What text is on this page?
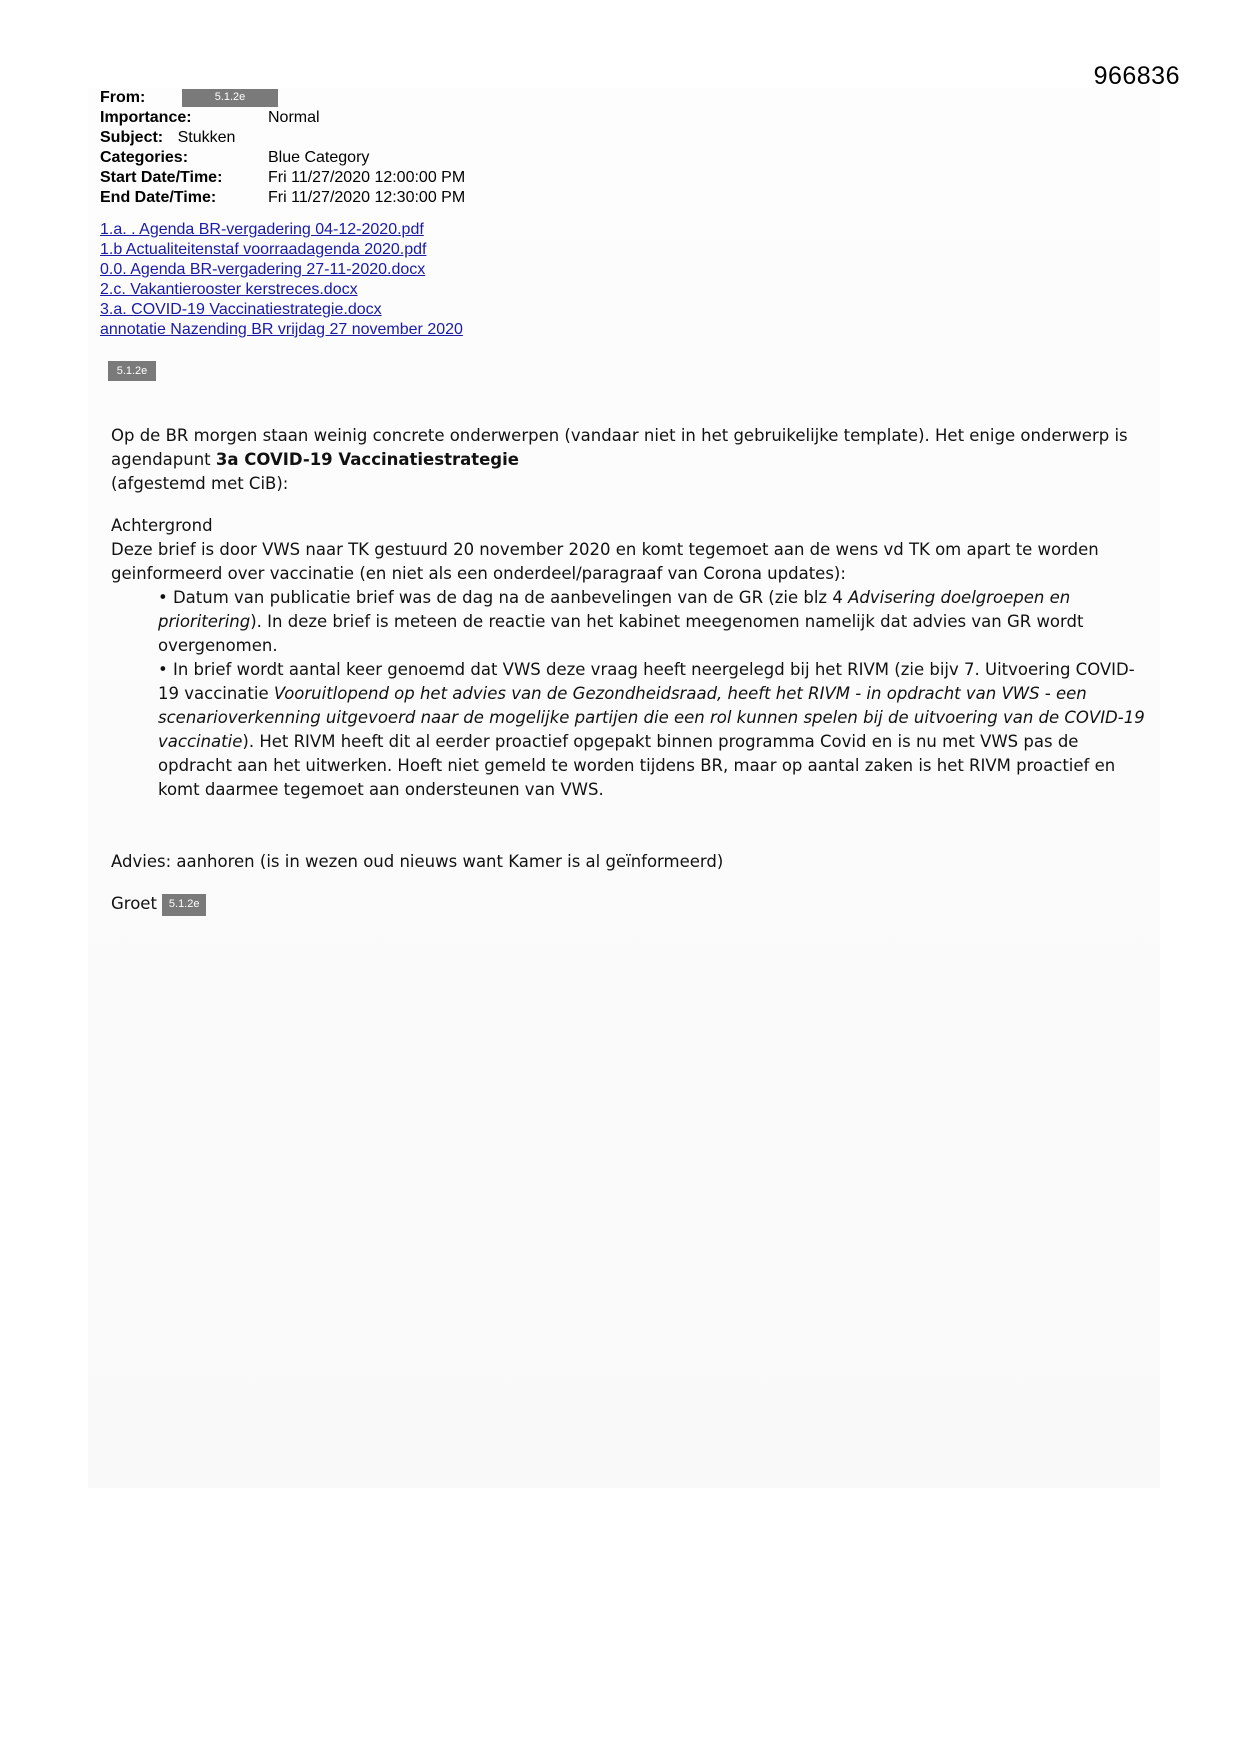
966836
From:	5.1.2e
Importance:	Normal
Subject: Stukken
Categories:	Blue Category
Start Date/Time:	Fri 11/27/2020 12:00:00 PM
End Date/Time:	Fri 11/27/2020 12:30:00 PM
1.a. . Agenda BR-vergadering 04-12-2020.pdf
1.b Actualiteitenstaf voorraadagenda 2020.pdf
0.0. Agenda BR-vergadering 27-11-2020.docx
2.c. Vakantierooster kerstreces.docx
3.a. COVID-19 Vaccinatiestrategie.docx
annotatie Nazending BR vrijdag 27 november 2020
5.1.2e

Op de BR morgen staan weinig concrete onderwerpen (vandaar niet in het gebruikelijke template). Het enige onderwerp is agendapunt 3a COVID-19 Vaccinatiestrategie
(afgestemd met CiB):

Achtergrond

Deze brief is door VWS naar TK gestuurd 20 november 2020 en komt tegemoet aan de wens vd TK om apart te worden geinformeerd over vaccinatie (en niet als een onderdeel/paragraaf van Corona updates):

• Datum van publicatie brief was de dag na de aanbevelingen van de GR (zie blz 4 Advisering doelgroepen en prioritering). In deze brief is meteen de reactie van het kabinet meegenomen namelijk dat advies van GR wordt overgenomen.

• In brief wordt aantal keer genoemd dat VWS deze vraag heeft neergelegd bij het RIVM (zie bijv 7. Uitvoering COVID-19 vaccinatie Vooruitlopend op het advies van de Gezondheidsraad, heeft het RIVM - in opdracht van VWS - een scenarioverkenning uitgevoerd naar de mogelijke partijen die een rol kunnen spelen bij de uitvoering van de COVID-19 vaccinatie). Het RIVM heeft dit al eerder proactief opgepakt binnen programma Covid en is nu met VWS pas de opdracht aan het uitwerken. Hoeft niet gemeld te worden tijdens BR, maar op aantal zaken is het RIVM proactief en komt daarmee tegemoet aan ondersteunen van VWS.

Advies: aanhoren (is in wezen oud nieuws want Kamer is al geïnformeerd)

Groet 5.1.2e
